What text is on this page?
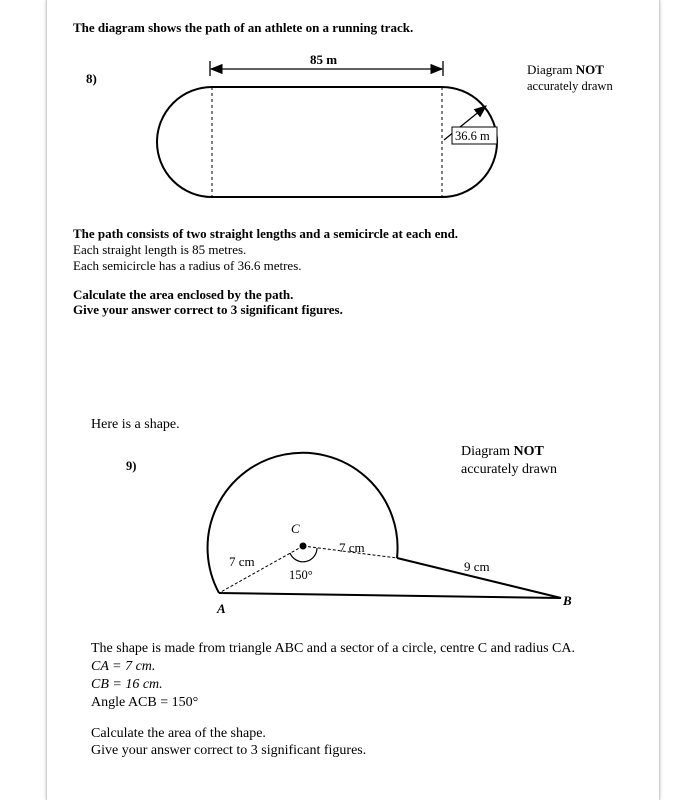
The diagram shows the path of an athlete on a running track.
8)
Diagram NOT
accurately drawn
36.6 m
85 m
The path consists of two straight lengths and a semicircle at each end.
Each straight length is 85 metres.
Each semicircle has a radius of 36.6 metres.
Calculate the area enclosed by the path.
Give your answer correct to 3 significant figures.
Here is a shape.
9)
Diagram NOT
accurately drawn
C
A
B
7 cm
7 cm
9 cm
150°
The shape is made from triangle ABC and a sector of a circle, centre C and radius CA.
CA = 7 cm.
CB = 16 cm.
Angle ACB = 150°
Calculate the area of the shape.
Give your answer correct to 3 significant figures.
